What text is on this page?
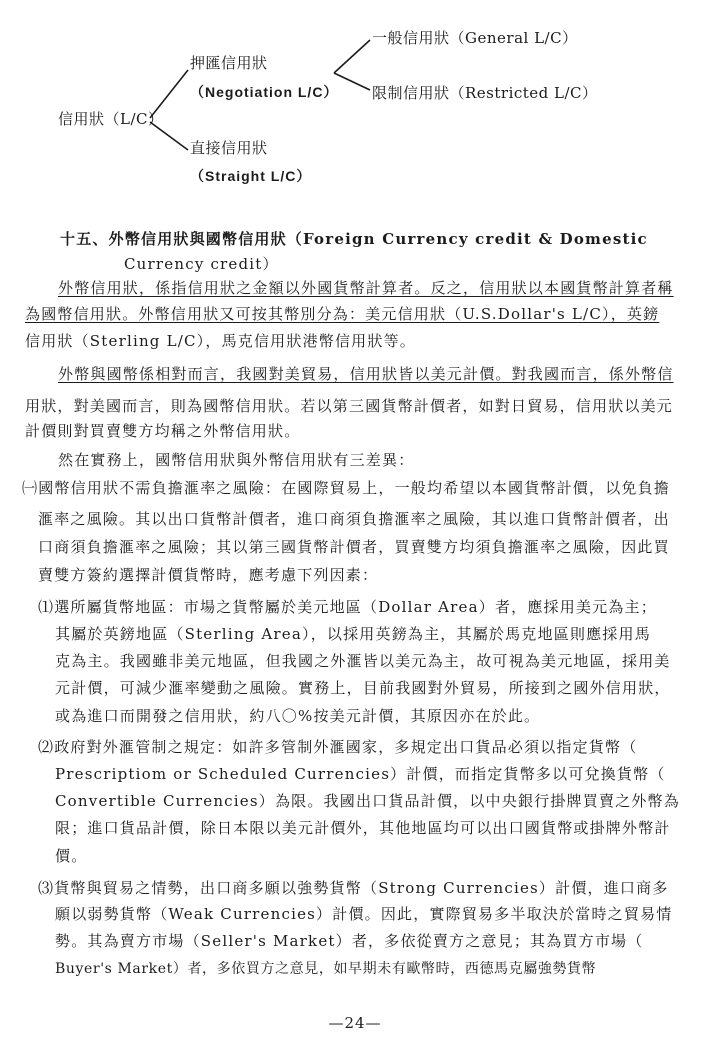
信用狀（L/C）
押匯信用狀
（Negotiation L/C）
一般信用狀（General L/C）
限制信用狀（Restricted L/C）
直接信用狀
（Straight L/C）
十五、外幣信用狀與國幣信用狀（Foreign Currency credit & Domestic
Currency credit）
外幣信用狀，係指信用狀之金額以外國貨幣計算者。反之，信用狀以本國貨幣計算者稱
為國幣信用狀。外幣信用狀又可按其幣別分為：美元信用狀（U.S.Dollar's L/C），英鎊
信用狀（Sterling L/C），馬克信用狀港幣信用狀等。
外幣與國幣係相對而言，我國對美貿易，信用狀皆以美元計價。對我國而言，係外幣信
用狀，對美國而言，則為國幣信用狀。若以第三國貨幣計價者，如對日貿易，信用狀以美元
計價則對買賣雙方均稱之外幣信用狀。
然在實務上，國幣信用狀與外幣信用狀有三差異：
㈠國幣信用狀不需負擔滙率之風險：在國際貿易上，一般均希望以本國貨幣計價，以免負擔
滙率之風險。其以出口貨幣計價者，進口商須負擔滙率之風險，其以進口貨幣計價者，出
口商須負擔滙率之風險；其以第三國貨幣計價者，買賣雙方均須負擔滙率之風險，因此買
賣雙方簽約選擇計價貨幣時，應考慮下列因素：
⑴選所屬貨幣地區：市場之貨幣屬於美元地區（Dollar Area）者，應採用美元為主；
其屬於英鎊地區（Sterling Area），以採用英鎊為主，其屬於馬克地區則應採用馬
克為主。我國雖非美元地區，但我國之外滙皆以美元為主，故可視為美元地區，採用美
元計價，可減少滙率變動之風險。實務上，目前我國對外貿易，所接到之國外信用狀，
或為進口而開發之信用狀，約八〇%按美元計價，其原因亦在於此。
⑵政府對外滙管制之規定：如許多管制外滙國家，多規定出口貨品必須以指定貨幣（
Prescriptiom or Scheduled Currencies）計價，而指定貨幣多以可兌換貨幣（
Convertible Currencies）為限。我國出口貨品計價，以中央銀行掛牌買賣之外幣為
限；進口貨品計價，除日本限以美元計價外，其他地區均可以出口國貨幣或掛牌外幣計
價。
⑶貨幣與貿易之情勢，出口商多願以強勢貨幣（Strong Currencies）計價，進口商多
願以弱勢貨幣（Weak Currencies）計價。因此，實際貿易多半取決於當時之貿易情
勢。其為賣方市場（Seller's Market）者，多依從賣方之意見；其為買方市場（
Buyer's Market）者，多依買方之意見，如早期未有歐幣時，西德馬克屬強勢貨幣
—24—
